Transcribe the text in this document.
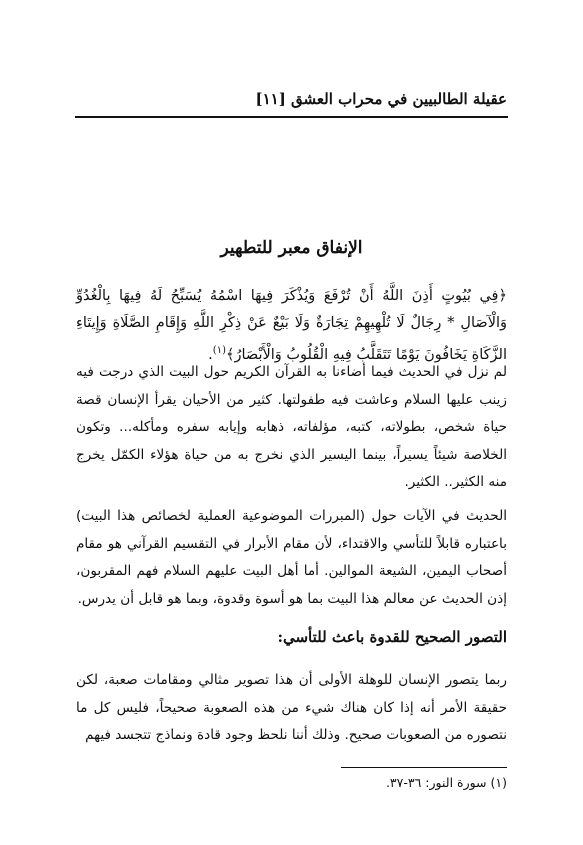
عقيلة الطالبيين في محراب العشق [١١]
الإنفاق معبر للتطهير
﴿فِي بُيُوتٍ أَذِنَ اللَّهُ أَنْ تُرْفَعَ وَيُذْكَرَ فِيهَا اسْمُهُ يُسَبِّحُ لَهُ فِيهَا بِالْغُدُوِّ وَالْآصَالِ * رِجَالٌ لَا تُلْهِيهِمْ تِجَارَةٌ وَلَا بَيْعٌ عَنْ ذِكْرِ اللَّهِ وَإِقَامِ الصَّلَاةِ وَإِيتَاءِ الزَّكَاةِ يَخَافُونَ يَوْمًا تَتَقَلَّبُ فِيهِ الْقُلُوبُ وَالْأَبْصَارُ﴾$^{(١)}$.
لم نزل في الحديث فيما أضاءنا به القرآن الكريم حول البيت الذي درجت فيه زينب عليها السلام وعاشت فيه طفولتها. كثير من الأحيان يقرأ الإنسان قصة حياة شخص، بطولاته، كتبه، مؤلفاته، ذهابه وإيابه سفره ومأكله... وتكون الخلاصة شيئاً يسيراً، بينما اليسير الذي نخرج به من حياة هؤلاء الكمّل يخرج منه الكثير.. الكثير.
الحديث في الآيات حول (المبررات الموضوعية العملية لخصائص هذا البيت) باعتباره قابلاً للتأسي والاقتداء، لأن مقام الأبرار في التقسيم القرآني هو مقام أصحاب اليمين، الشيعة الموالين. أما أهل البيت عليهم السلام فهم المقربون، إذن الحديث عن معالم هذا البيت بما هو أسوة وقدوة، وبما هو قابل أن يدرس.
التصور الصحيح للقدوة باعث للتأسي:
ربما يتصور الإنسان للوهلة الأولى أن هذا تصوير مثالي ومقامات صعبة، لكن حقيقة الأمر أنه إذا كان هناك شيء من هذه الصعوبة صحيحاً، فليس كل ما نتصوره من الصعوبات صحيح. وذلك أننا نلحظ وجود قادة ونماذج تتجسد فيهم
(١) سورة النور: ٣٦-٣٧.
